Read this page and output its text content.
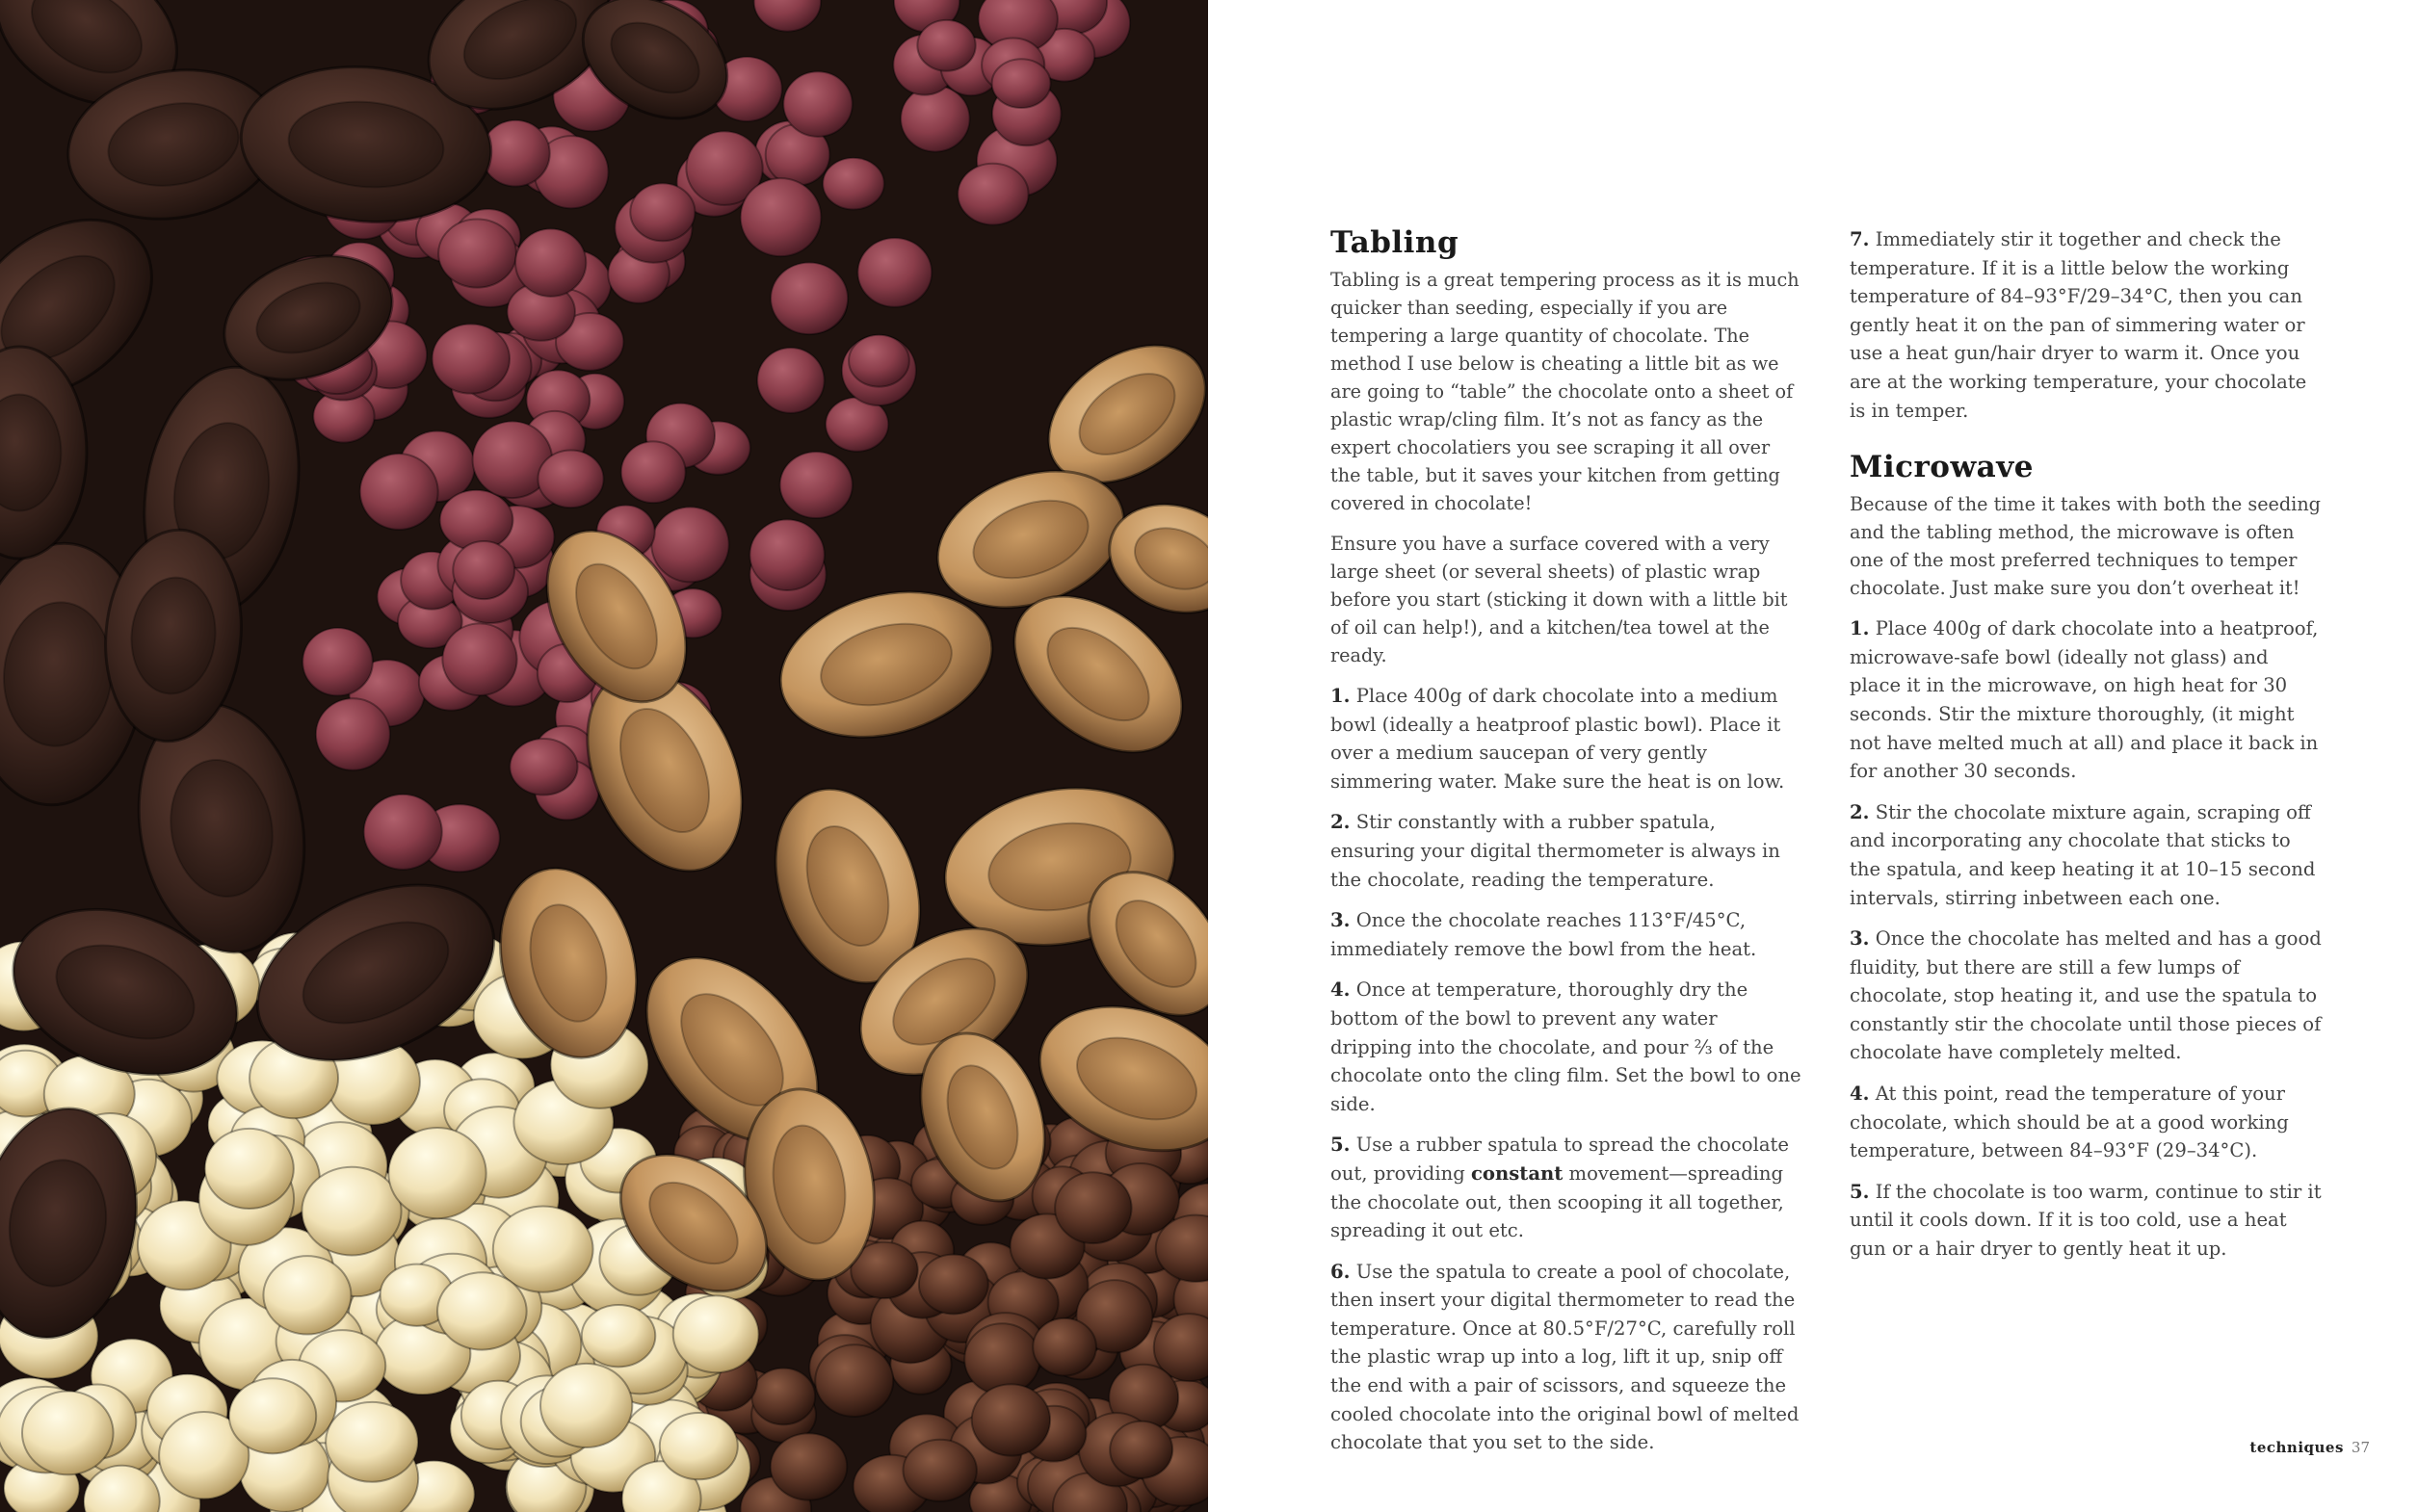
Tabling

Tabling is a great tempering process as it is much quicker than seeding, especially if you are tempering a large quantity of chocolate. The method I use below is cheating a little bit as we are going to “table” the chocolate onto a sheet of plastic wrap/cling film. It’s not as fancy as the expert chocolatiers you see scraping it all over the table, but it saves your kitchen from getting covered in chocolate!

Ensure you have a surface covered with a very large sheet (or several sheets) of plastic wrap before you start (sticking it down with a little bit of oil can help!), and a kitchen/tea towel at the ready.

1. Place 400g of dark chocolate into a medium bowl (ideally a heatproof plastic bowl). Place it over a medium saucepan of very gently simmering water. Make sure the heat is on low.

2. Stir constantly with a rubber spatula, ensuring your digital thermometer is always in the chocolate, reading the temperature.

3. Once the chocolate reaches 113°F/45°C, immediately remove the bowl from the heat.

4. Once at temperature, thoroughly dry the bottom of the bowl to prevent any water dripping into the chocolate, and pour ⅔ of the chocolate onto the cling film. Set the bowl to one side.

5. Use a rubber spatula to spread the chocolate out, providing constant movement—spreading the chocolate out, then scooping it all together, spreading it out etc.

6. Use the spatula to create a pool of chocolate, then insert your digital thermometer to read the temperature. Once at 80.5°F/27°C, carefully roll the plastic wrap up into a log, lift it up, snip off the end with a pair of scissors, and squeeze the cooled chocolate into the original bowl of melted chocolate that you set to the side.

7. Immediately stir it together and check the temperature. If it is a little below the working temperature of 84–93°F/29–34°C, then you can gently heat it on the pan of simmering water or use a heat gun/hair dryer to warm it. Once you are at the working temperature, your chocolate is in temper.

Microwave

Because of the time it takes with both the seeding and the tabling method, the microwave is often one of the most preferred techniques to temper chocolate. Just make sure you don’t overheat it!

1. Place 400g of dark chocolate into a heatproof, microwave-safe bowl (ideally not glass) and place it in the microwave, on high heat for 30 seconds. Stir the mixture thoroughly, (it might not have melted much at all) and place it back in for another 30 seconds.

2. Stir the chocolate mixture again, scraping off and incorporating any chocolate that sticks to the spatula, and keep heating it at 10–15 second intervals, stirring inbetween each one.

3. Once the chocolate has melted and has a good fluidity, but there are still a few lumps of chocolate, stop heating it, and use the spatula to constantly stir the chocolate until those pieces of chocolate have completely melted.

4. At this point, read the temperature of your chocolate, which should be at a good working temperature, between 84–93°F (29–34°C).

5. If the chocolate is too warm, continue to stir it until it cools down. If it is too cold, use a heat gun or a hair dryer to gently heat it up.

techniques 37
